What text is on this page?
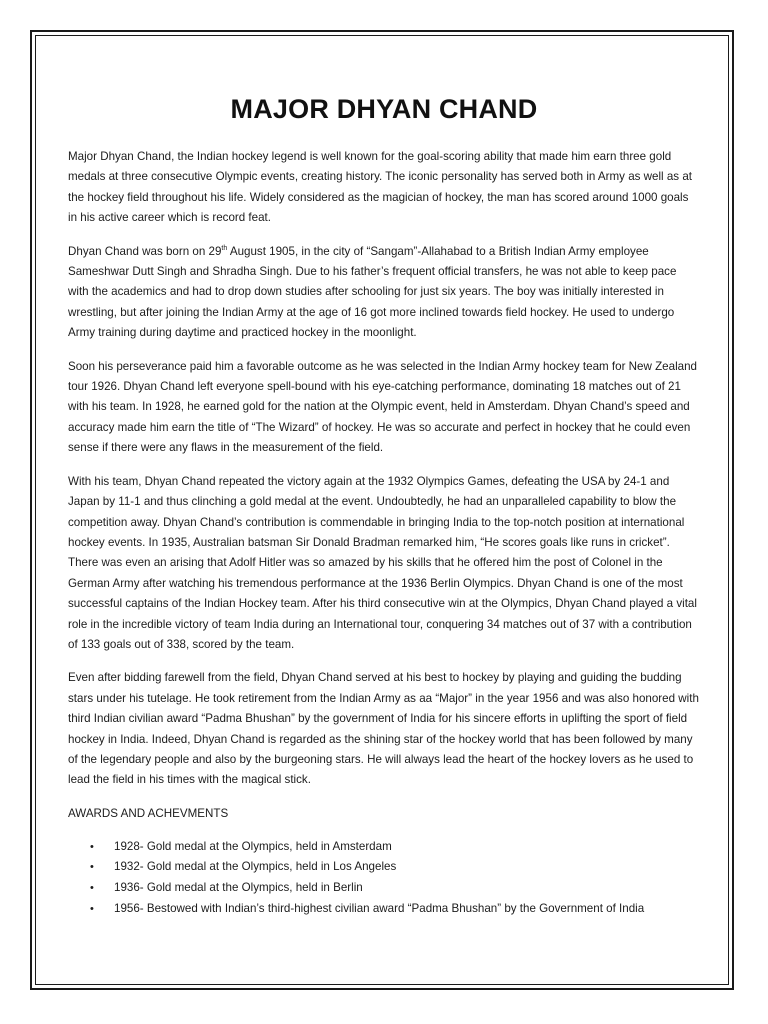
MAJOR DHYAN CHAND

Major Dhyan Chand, the Indian hockey legend is well known for the goal-scoring ability that made him earn three gold medals at three consecutive Olympic events, creating history. The iconic personality has served both in Army as well as at the hockey field throughout his life. Widely considered as the magician of hockey, the man has scored around 1000 goals in his active career which is record feat.

Dhyan Chand was born on 29th August 1905, in the city of “Sangam”-Allahabad to a British Indian Army employee Sameshwar Dutt Singh and Shradha Singh. Due to his father’s frequent official transfers, he was not able to keep pace with the academics and had to drop down studies after schooling for just six years. The boy was initially interested in wrestling, but after joining the Indian Army at the age of 16 got more inclined towards field hockey. He used to undergo Army training during daytime and practiced hockey in the moonlight.

Soon his perseverance paid him a favorable outcome as he was selected in the Indian Army hockey team for New Zealand tour 1926. Dhyan Chand left everyone spell-bound with his eye-catching performance, dominating 18 matches out of 21 with his team. In 1928, he earned gold for the nation at the Olympic event, held in Amsterdam. Dhyan Chand’s speed and accuracy made him earn the title of “The Wizard” of hockey. He was so accurate and perfect in hockey that he could even sense if there were any flaws in the measurement of the field.

With his team, Dhyan Chand repeated the victory again at the 1932 Olympics Games, defeating the USA by 24-1 and Japan by 11-1 and thus clinching a gold medal at the event. Undoubtedly, he had an unparalleled capability to blow the competition away. Dhyan Chand’s contribution is commendable in bringing India to the top-notch position at international hockey events. In 1935, Australian batsman Sir Donald Bradman remarked him, “He scores goals like runs in cricket”. There was even an arising that Adolf Hitler was so amazed by his skills that he offered him the post of Colonel in the German Army after watching his tremendous performance at the 1936 Berlin Olympics. Dhyan Chand is one of the most successful captains of the Indian Hockey team. After his third consecutive win at the Olympics, Dhyan Chand played a vital role in the incredible victory of team India during an International tour, conquering 34 matches out of 37 with a contribution of 133 goals out of 338, scored by the team.

Even after bidding farewell from the field, Dhyan Chand served at his best to hockey by playing and guiding the budding stars under his tutelage. He took retirement from the Indian Army as aa “Major” in the year 1956 and was also honored with third Indian civilian award “Padma Bhushan” by the government of India for his sincere efforts in uplifting the sport of field hockey in India. Indeed, Dhyan Chand is regarded as the shining star of the hockey world that has been followed by many of the legendary people and also by the burgeoning stars. He will always lead the heart of the hockey lovers as he used to lead the field in his times with the magical stick.

AWARDS AND ACHEVMENTS
• 1928- Gold medal at the Olympics, held in Amsterdam
• 1932- Gold medal at the Olympics, held in Los Angeles
• 1936- Gold medal at the Olympics, held in Berlin
• 1956- Bestowed with Indian’s third-highest civilian award “Padma Bhushan” by the Government of India
